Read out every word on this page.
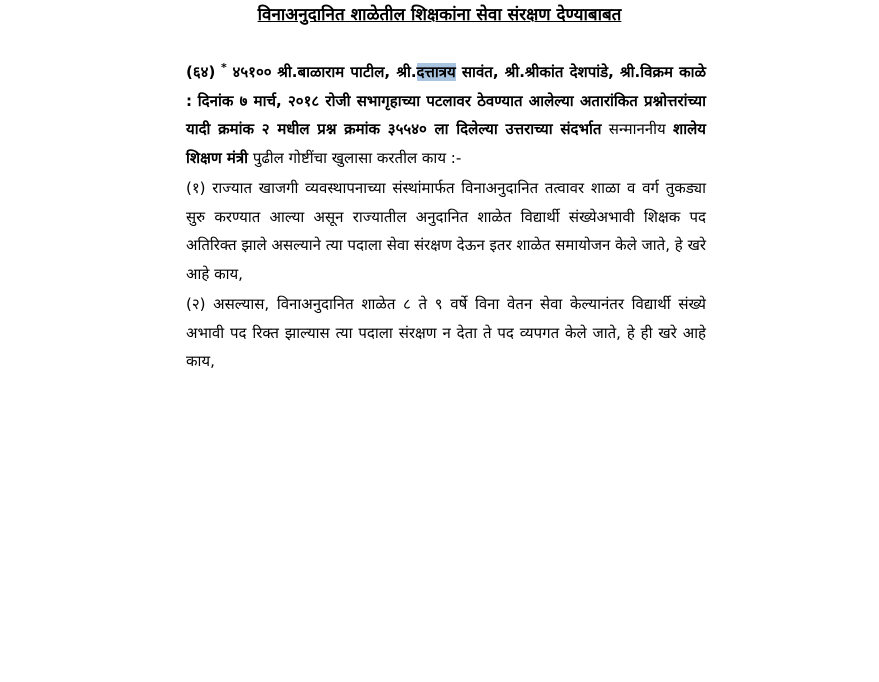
विनाअनुदानित शाळेतील शिक्षकांना सेवा संरक्षण देण्याबाबत

(६४) * ४५१०० श्री.बाळाराम पाटील, श्री.दत्तात्रय सावंत, श्री.श्रीकांत देशपांडे, श्री.विक्रम काळे : दिनांक ७ मार्च, २०१८ रोजी सभागृहाच्या पटलावर ठेवण्यात आलेल्या अतारांकित प्रश्नोत्तरांच्या यादी क्रमांक २ मधील प्रश्न क्रमांक ३५५४० ला दिलेल्या उत्तराच्या संदर्भात सन्माननीय शालेय शिक्षण मंत्री पुढील गोष्टींचा खुलासा करतील काय :-

(१) राज्यात खाजगी व्यवस्थापनाच्या संस्थांमार्फत विनाअनुदानित तत्वावर शाळा व वर्ग तुकड्या सुरु करण्यात आल्या असून राज्यातील अनुदानित शाळेत विद्यार्थी संख्येअभावी शिक्षक पद अतिरिक्त झाले असल्याने त्या पदाला सेवा संरक्षण देऊन इतर शाळेत समायोजन केले जाते, हे खरे आहे काय,

(२) असल्यास, विनाअनुदानित शाळेत ८ ते ९ वर्षे विना वेतन सेवा केल्यानंतर विद्यार्थी संख्ये अभावी पद रिक्त झाल्यास त्या पदाला संरक्षण न देता ते पद व्यपगत केले जाते, हे ही खरे आहे काय,
